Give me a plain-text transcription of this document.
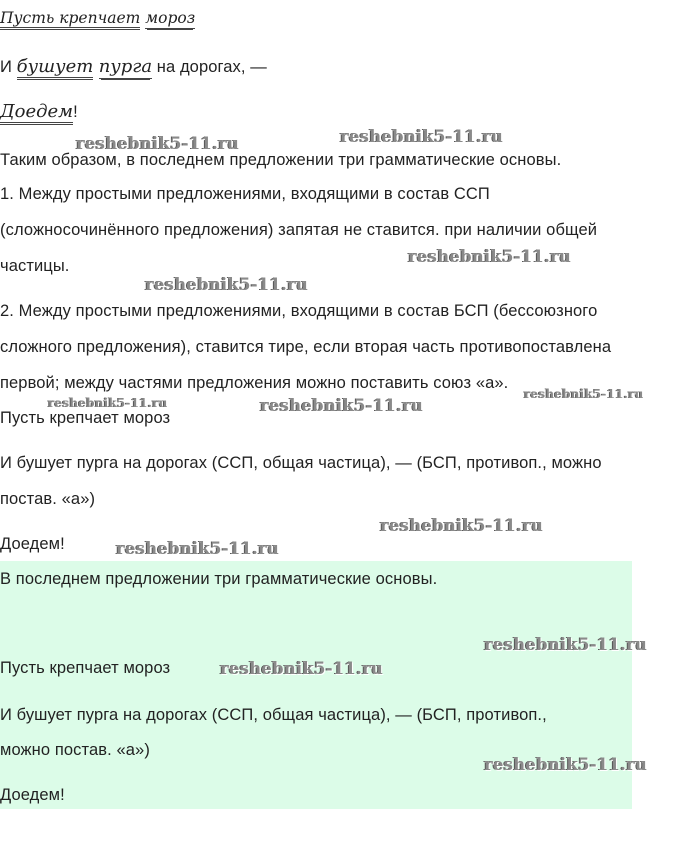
Пусть крепчает мороз
И бушует пурга на дорогах, —
Доедем!
Таким образом, в последнем предложении три грамматические основы.
1. Между простыми предложениями, входящими в состав ССП
(сложносочинённого предложения) запятая не ставится. при наличии общей
частицы.
2. Между простыми предложениями, входящими в состав БСП (бессоюзного
сложного предложения), ставится тире, если вторая часть противопоставлена
первой; между частями предложения можно поставить союз «а».
Пусть крепчает мороз
И бушует пурга на дорогах (ССП, общая частица), — (БСП, противоп., можно
постав. «а»)
Доедем!
В последнем предложении три грамматические основы.
Пусть крепчает мороз
И бушует пурга на дорогах (ССП, общая частица), — (БСП, противоп.,
можно постав. «а»)
Доедем!
reshebnik5-11.ru	reshebnik5-11.ru
reshebnik5-11.ru
reshebnik5-11.ru
reshebnik5-11.ru
reshebnik5-11.ru
reshebnik5-11.ru
reshebnik5-11.ru
reshebnik5-11.ru
reshebnik5-11.ru
reshebnik5-11.ru
reshebnik5-11.ru
